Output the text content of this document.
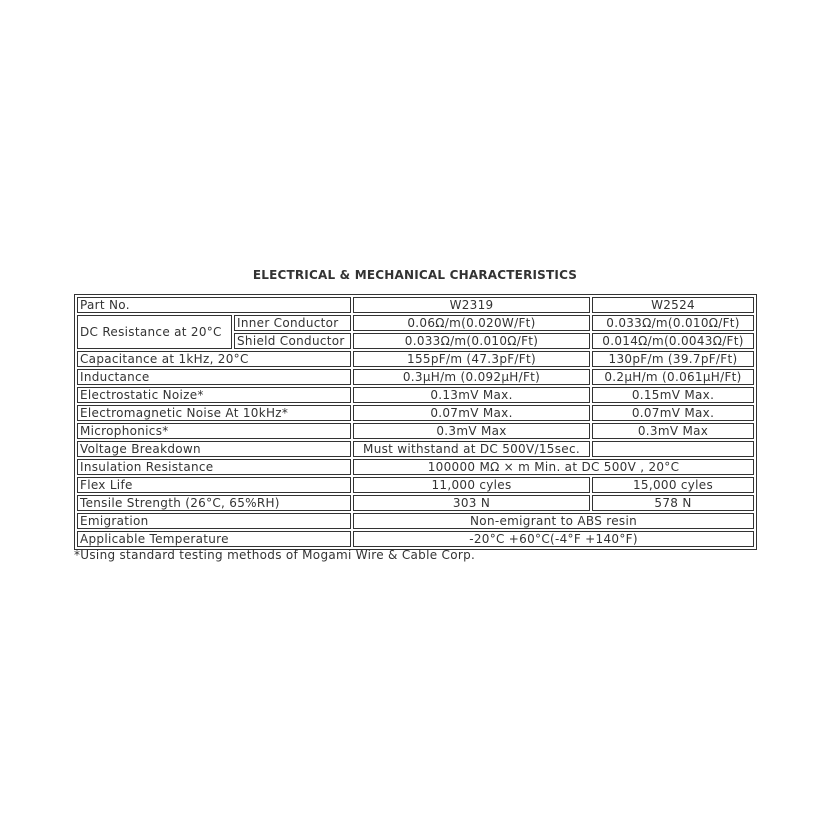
ELECTRICAL & MECHANICAL CHARACTERISTICS
Part No.		W2319	W2524
DC Resistance at 20°C	Inner Conductor	0.06Ω/m(0.020W/Ft)	0.033Ω/m(0.010Ω/Ft)
	Shield Conductor	0.033Ω/m(0.010Ω/Ft)	0.014Ω/m(0.0043Ω/Ft)
Capacitance at 1kHz, 20°C		155pF/m (47.3pF/Ft)	130pF/m (39.7pF/Ft)
Inductance		0.3μH/m (0.092μH/Ft)	0.2μH/m (0.061μH/Ft)
Electrostatic Noize*		0.13mV Max.	0.15mV Max.
Electromagnetic Noise At 10kHz*		0.07mV Max.	0.07mV Max.
Microphonics*		0.3mV Max	0.3mV Max
Voltage Breakdown		Must withstand at DC 500V/15sec.	
Insulation Resistance		100000 MΩ × m Min. at DC 500V , 20°C	
Flex Life		11,000 cyles	15,000 cyles
Tensile Strength (26°C, 65%RH)		303 N	578 N
Emigration		Non-emigrant to ABS resin	
Applicable Temperature		-20°C +60°C(-4°F +140°F)	
*Using standard testing methods of Mogami Wire & Cable Corp.
